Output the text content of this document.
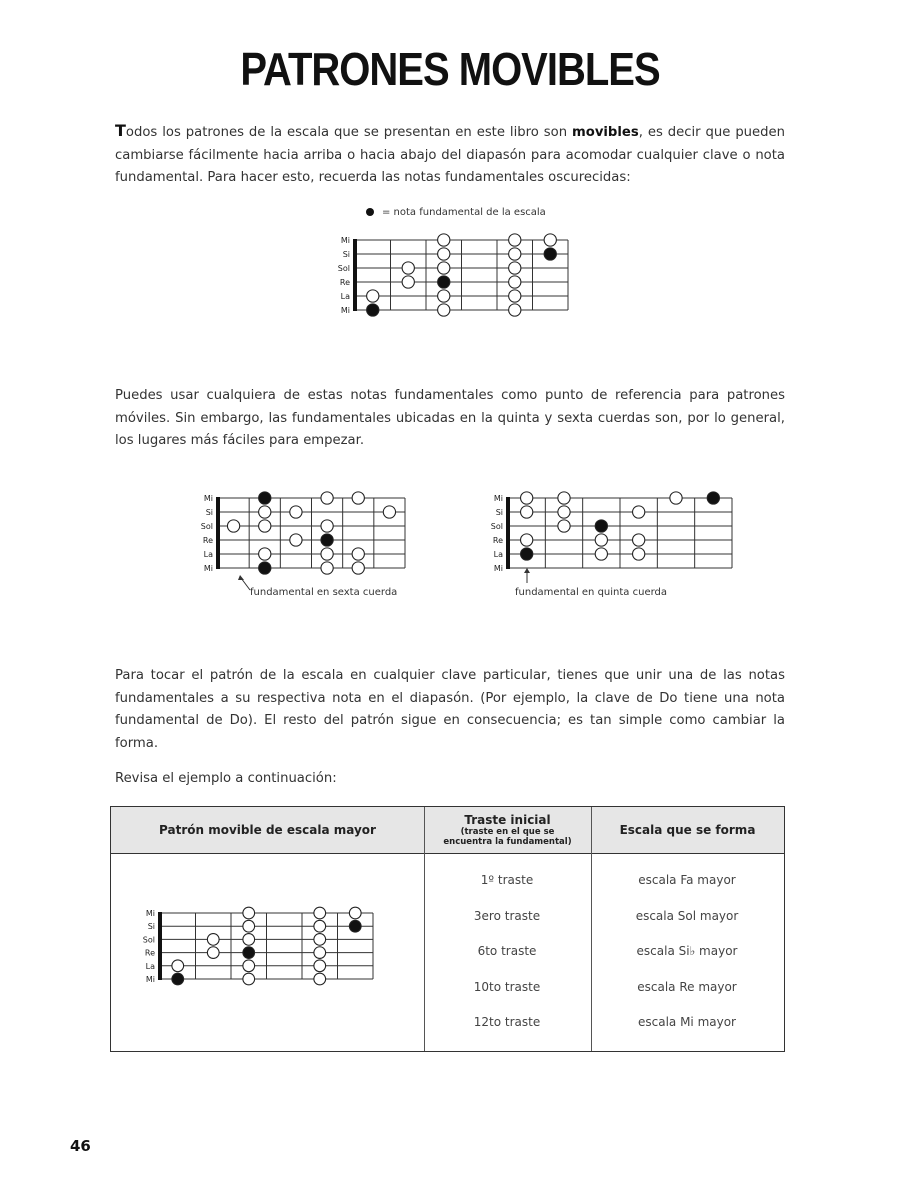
PATRONES MOVIBLES

Todos los patrones de la escala que se presentan en este libro son movibles, es decir que pueden cambiarse fácilmente hacia arriba o hacia abajo del diapasón para acomodar cualquier clave o nota fundamental. Para hacer esto, recuerda las notas fundamentales oscurecidas:

= nota fundamental de la escala
Mi
Si
Sol
Re
La
Mi

Puedes usar cualquiera de estas notas fundamentales como punto de referencia para patrones móviles. Sin embargo, las fundamentales ubicadas en la quinta y sexta cuerdas son, por lo general, los lugares más fáciles para empezar.

Mi
Si
Sol
Re
La
Mi
Mi
Si
Sol
Re
La
Mi
fundamental en sexta cuerda	fundamental en quinta cuerda

Para tocar el patrón de la escala en cualquier clave particular, tienes que unir una de las notas fundamentales a su respectiva nota en el diapasón. (Por ejemplo, la clave de Do tiene una nota fundamental de Do). El resto del patrón sigue en consecuencia; es tan simple como cambiar la forma.

Revisa el ejemplo a continuación:

Patrón movible de escala mayor
Traste inicial
(traste en el que se encuentra la fundamental)
Escala que se forma
1º traste	escala Fa mayor
3ero traste	escala Sol mayor
6to traste	escala Si♭ mayor
10to traste	escala Re mayor
12to traste	escala Mi mayor
Mi
Si
Sol
Re
La
Mi
46
